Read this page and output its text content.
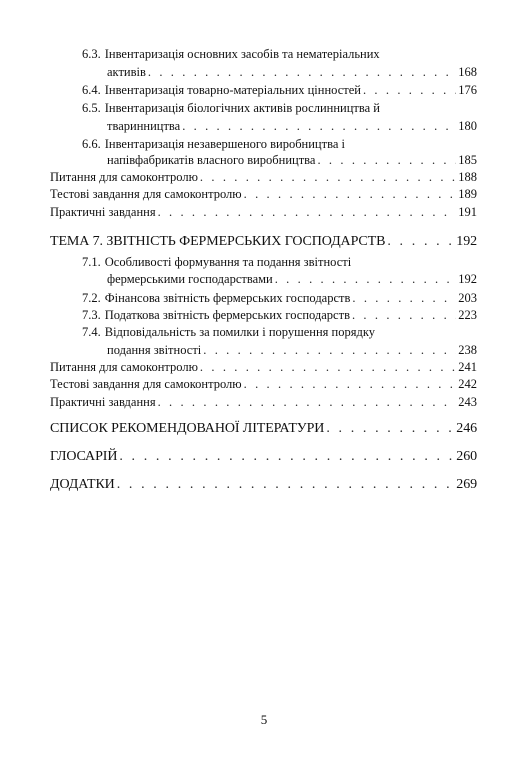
6.3. Інвентаризація основних засобів та нематеріальних
активів . . .	168
6.4. Інвентаризація товарно-матеріальних цінностей . . .	176
6.5. Інвентаризація біологічних активів рослинництва й
тваринництва . . .	180
6.6. Інвентаризація незавершеного виробництва і
напівфабрикатів власного виробництва . . .	185
Питання для самоконтролю . . .	188
Тестові завдання для самоконтролю . . .	189
Практичні завдання . . .	191
ТЕМА 7. ЗВІТНІСТЬ ФЕРМЕРСЬКИХ ГОСПОДАРСТВ . . .	192
7.1. Особливості формування та подання звітності
фермерськими господарствами . . .	192
7.2. Фінансова звітність фермерських господарств . . .	203
7.3. Податкова звітність фермерських господарств . . .	223
7.4. Відповідальність за помилки і порушення порядку
подання звітності . . .	238
Питання для самоконтролю . . .	241
Тестові завдання для самоконтролю . . .	242
Практичні завдання . . .	243
СПИСОК РЕКОМЕНДОВАНОЇ ЛІТЕРАТУРИ . . .	246
ГЛОСАРІЙ . . .	260
ДОДАТКИ . . .	269
5
